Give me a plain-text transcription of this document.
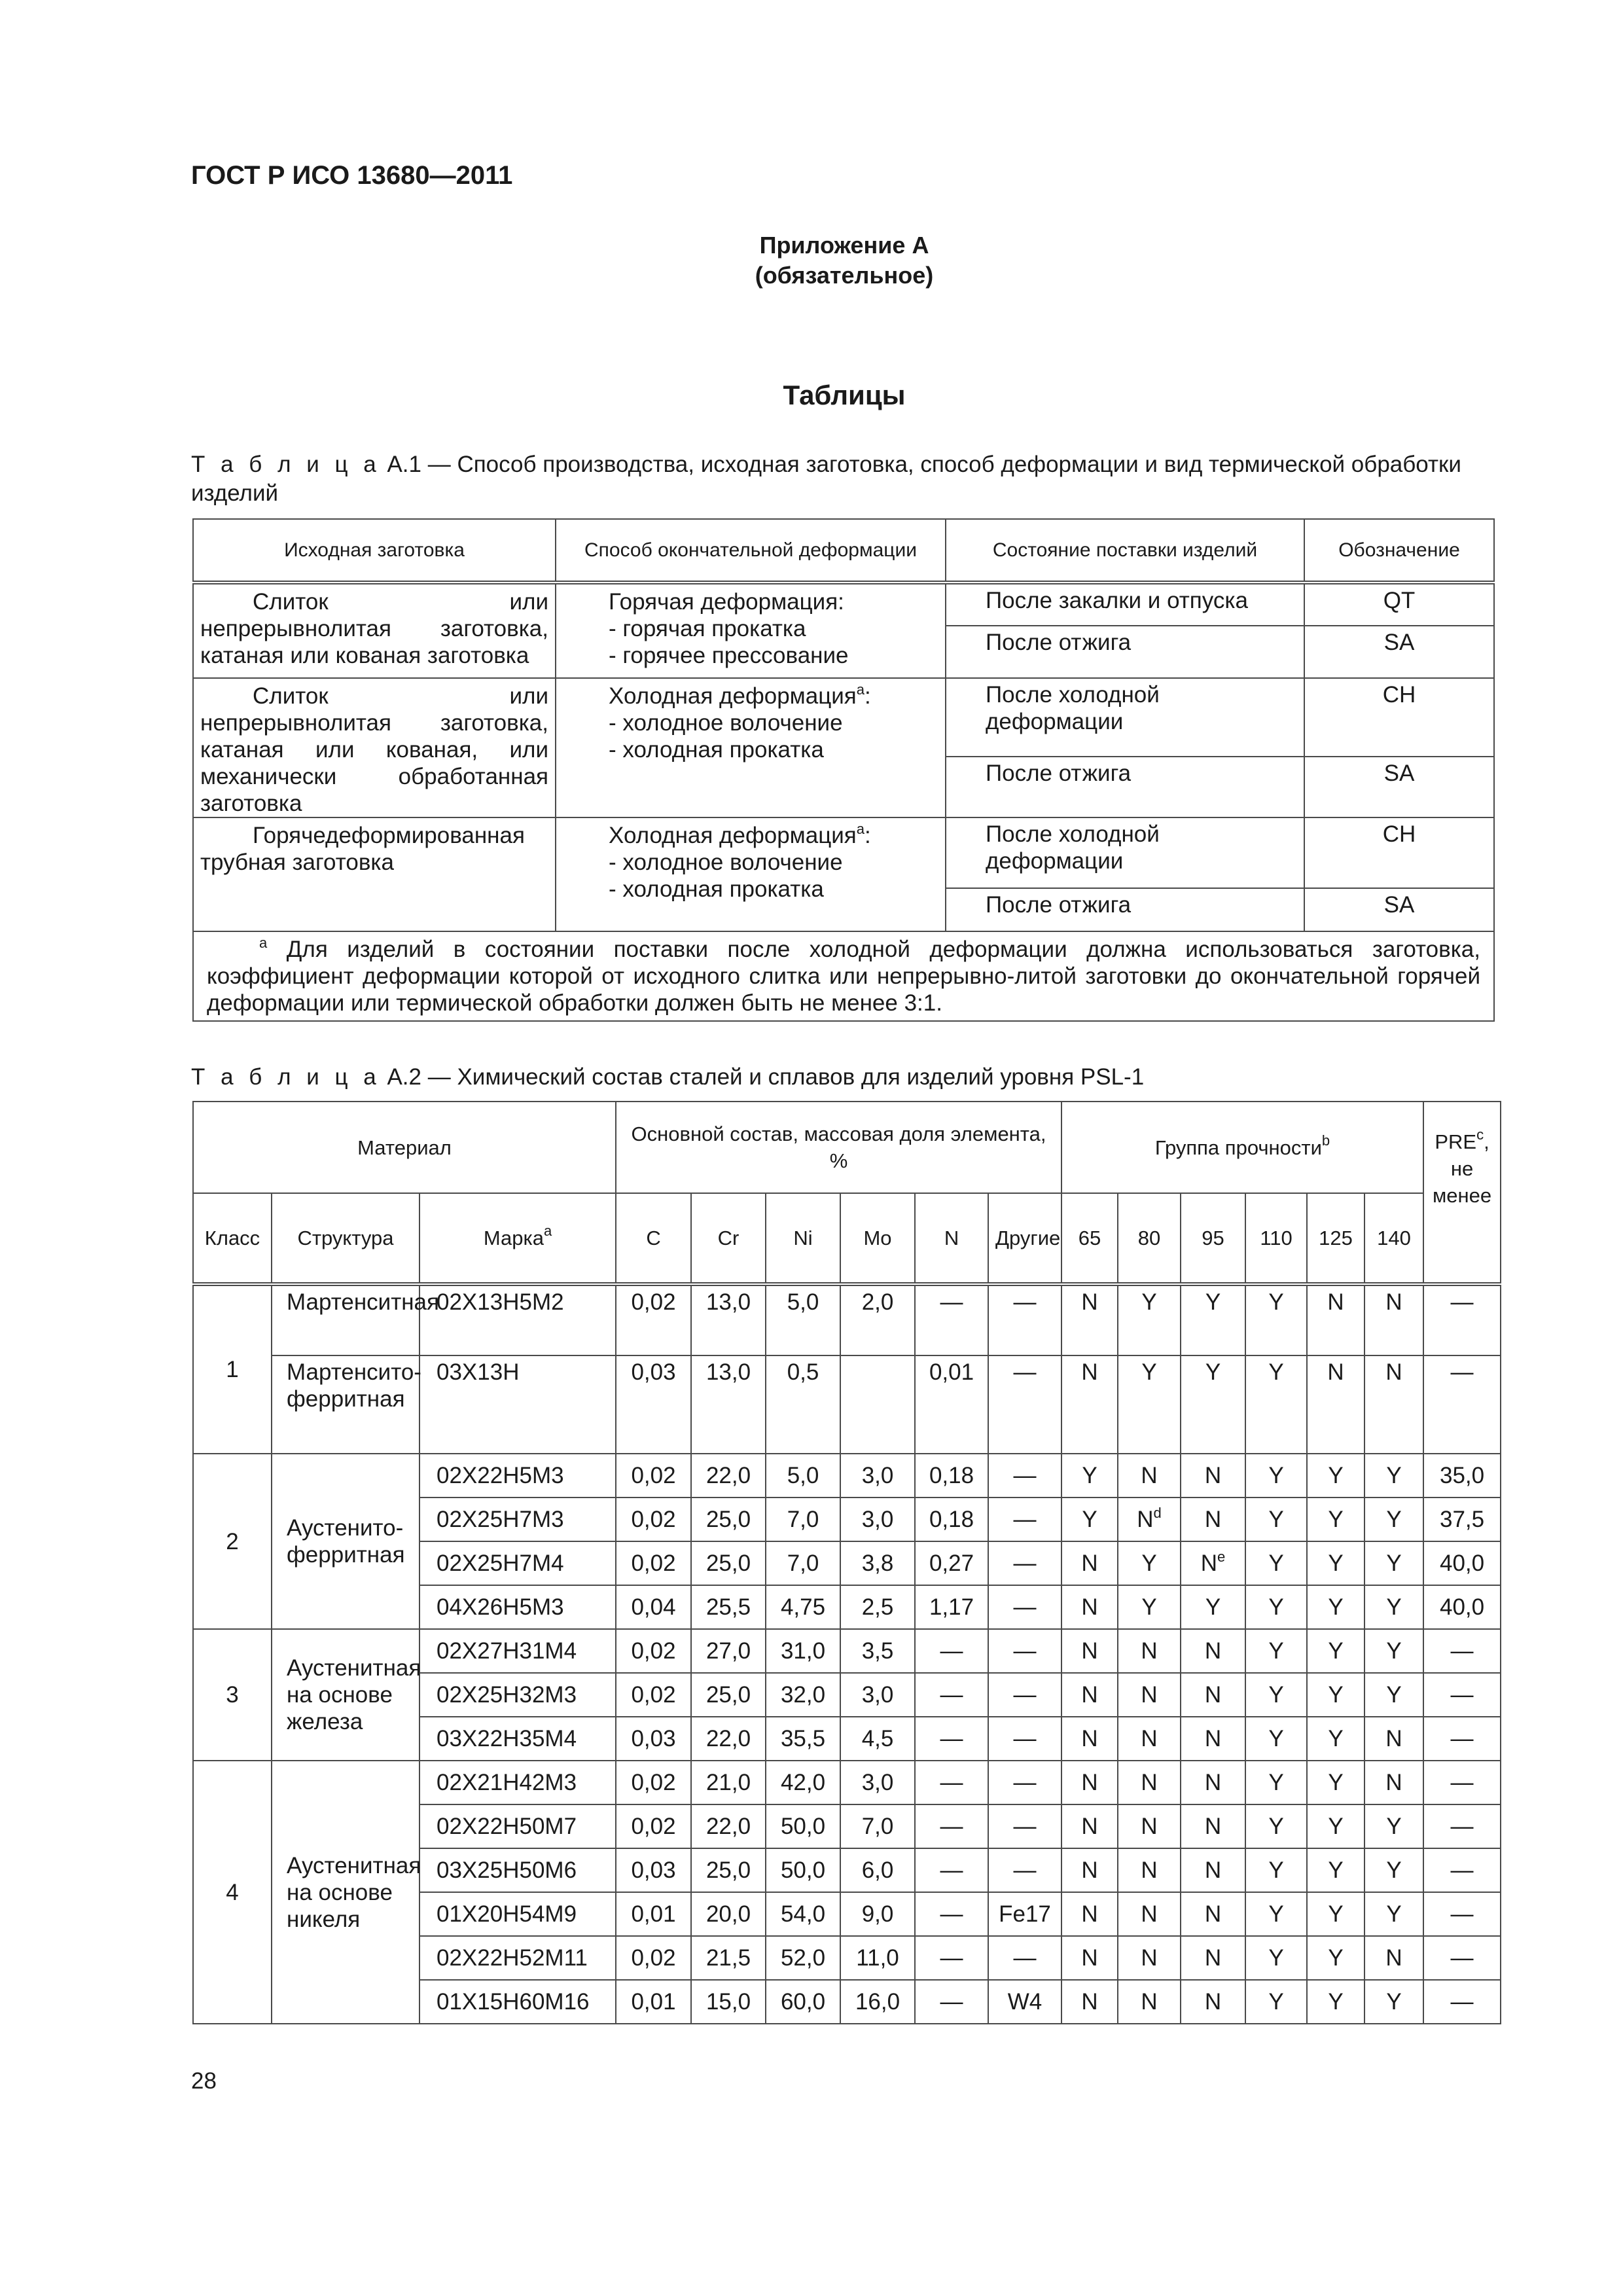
ГОСТ Р ИСО 13680—2011
Приложение А
(обязательное)
Таблицы
Т а б л и ц а А.1 — Способ производства, исходная заготовка, способ деформации и вид термической обработки изделий
Исходная заготовка	Способ окончательной деформации	Состояние поставки изделий	Обозначение
Слиток или непрерывнолитая заготовка, катаная или кованая заготовка	Горячая деформация:
- горячая прокатка
- горячее прессование	После закалки и отпуска	QT
		После отжига	SA
Слиток или непрерывнолитая заготовка, катаная или кованая, или механически обработанная заготовка	Холодная деформация$^а$:
- холодное волочение
- холодная прокатка	После холодной деформации	CH
		После отжига	SA
Горячедеформированная трубная заготовка	Холодная деформация$^а$:
- холодное волочение
- холодная прокатка	После холодной деформации	CH
		После отжига	SA
$^а$ Для изделий в состоянии поставки после холодной деформации должна использоваться заготовка, коэффициент деформации которой от исходного слитка или непрерывно-литой заготовки до окончательной горячей деформации или термической обработки должен быть не менее 3:1.			
Т а б л и ц а А.2 — Химический состав сталей и сплавов для изделий уровня PSL-1
Материал			Основной состав, массовая доля элемента, %						Группа прочности$^b$						PRE$^c$, не менее
Класс	Структура	Марка$^а$	C	Cr	Ni	Mo	N	Другие	65	80	95	110	125	140	
1	Мартенситная	02Х13Н5М2	0,02	13,0	5,0	2,0	—	—	N	Y	Y	Y	N	N	—
	Мартенсито-ферритная	03Х13Н	0,03	13,0	0,5		0,01	—	N	Y	Y	Y	N	N	—
2	Аустенито-ферритная	02Х22Н5М3	0,02	22,0	5,0	3,0	0,18	—	Y	N	N	Y	Y	Y	35,0
		02Х25Н7М3	0,02	25,0	7,0	3,0	0,18	—	Y	$N^d$	N	Y	Y	Y	37,5
		02Х25Н7М4	0,02	25,0	7,0	3,8	0,27	—	N	Y	$N^e$	Y	Y	Y	40,0
		04Х26Н5М3	0,04	25,5	4,75	2,5	1,17	—	N	Y	Y	Y	Y	Y	40,0
3	Аустенитная на основе железа	02Х27Н31М4	0,02	27,0	31,0	3,5	—	—	N	N	N	Y	Y	Y	—
		02Х25Н32М3	0,02	25,0	32,0	3,0	—	—	N	N	N	Y	Y	Y	—
		03Х22Н35М4	0,03	22,0	35,5	4,5	—	—	N	N	N	Y	Y	N	—
4	Аустенитная на основе никеля	02Х21Н42М3	0,02	21,0	42,0	3,0	—	—	N	N	N	Y	Y	N	—
		02Х22Н50М7	0,02	22,0	50,0	7,0	—	—	N	N	N	Y	Y	Y	—
		03Х25Н50М6	0,03	25,0	50,0	6,0	—	—	N	N	N	Y	Y	Y	—
		01Х20Н54М9	0,01	20,0	54,0	9,0	—	Fe17	N	N	N	Y	Y	Y	—
		02Х22Н52М11	0,02	21,5	52,0	11,0	—	—	N	N	N	Y	Y	N	—
		01Х15Н60М16	0,01	15,0	60,0	16,0	—	W4	N	N	N	Y	Y	Y	—
28
